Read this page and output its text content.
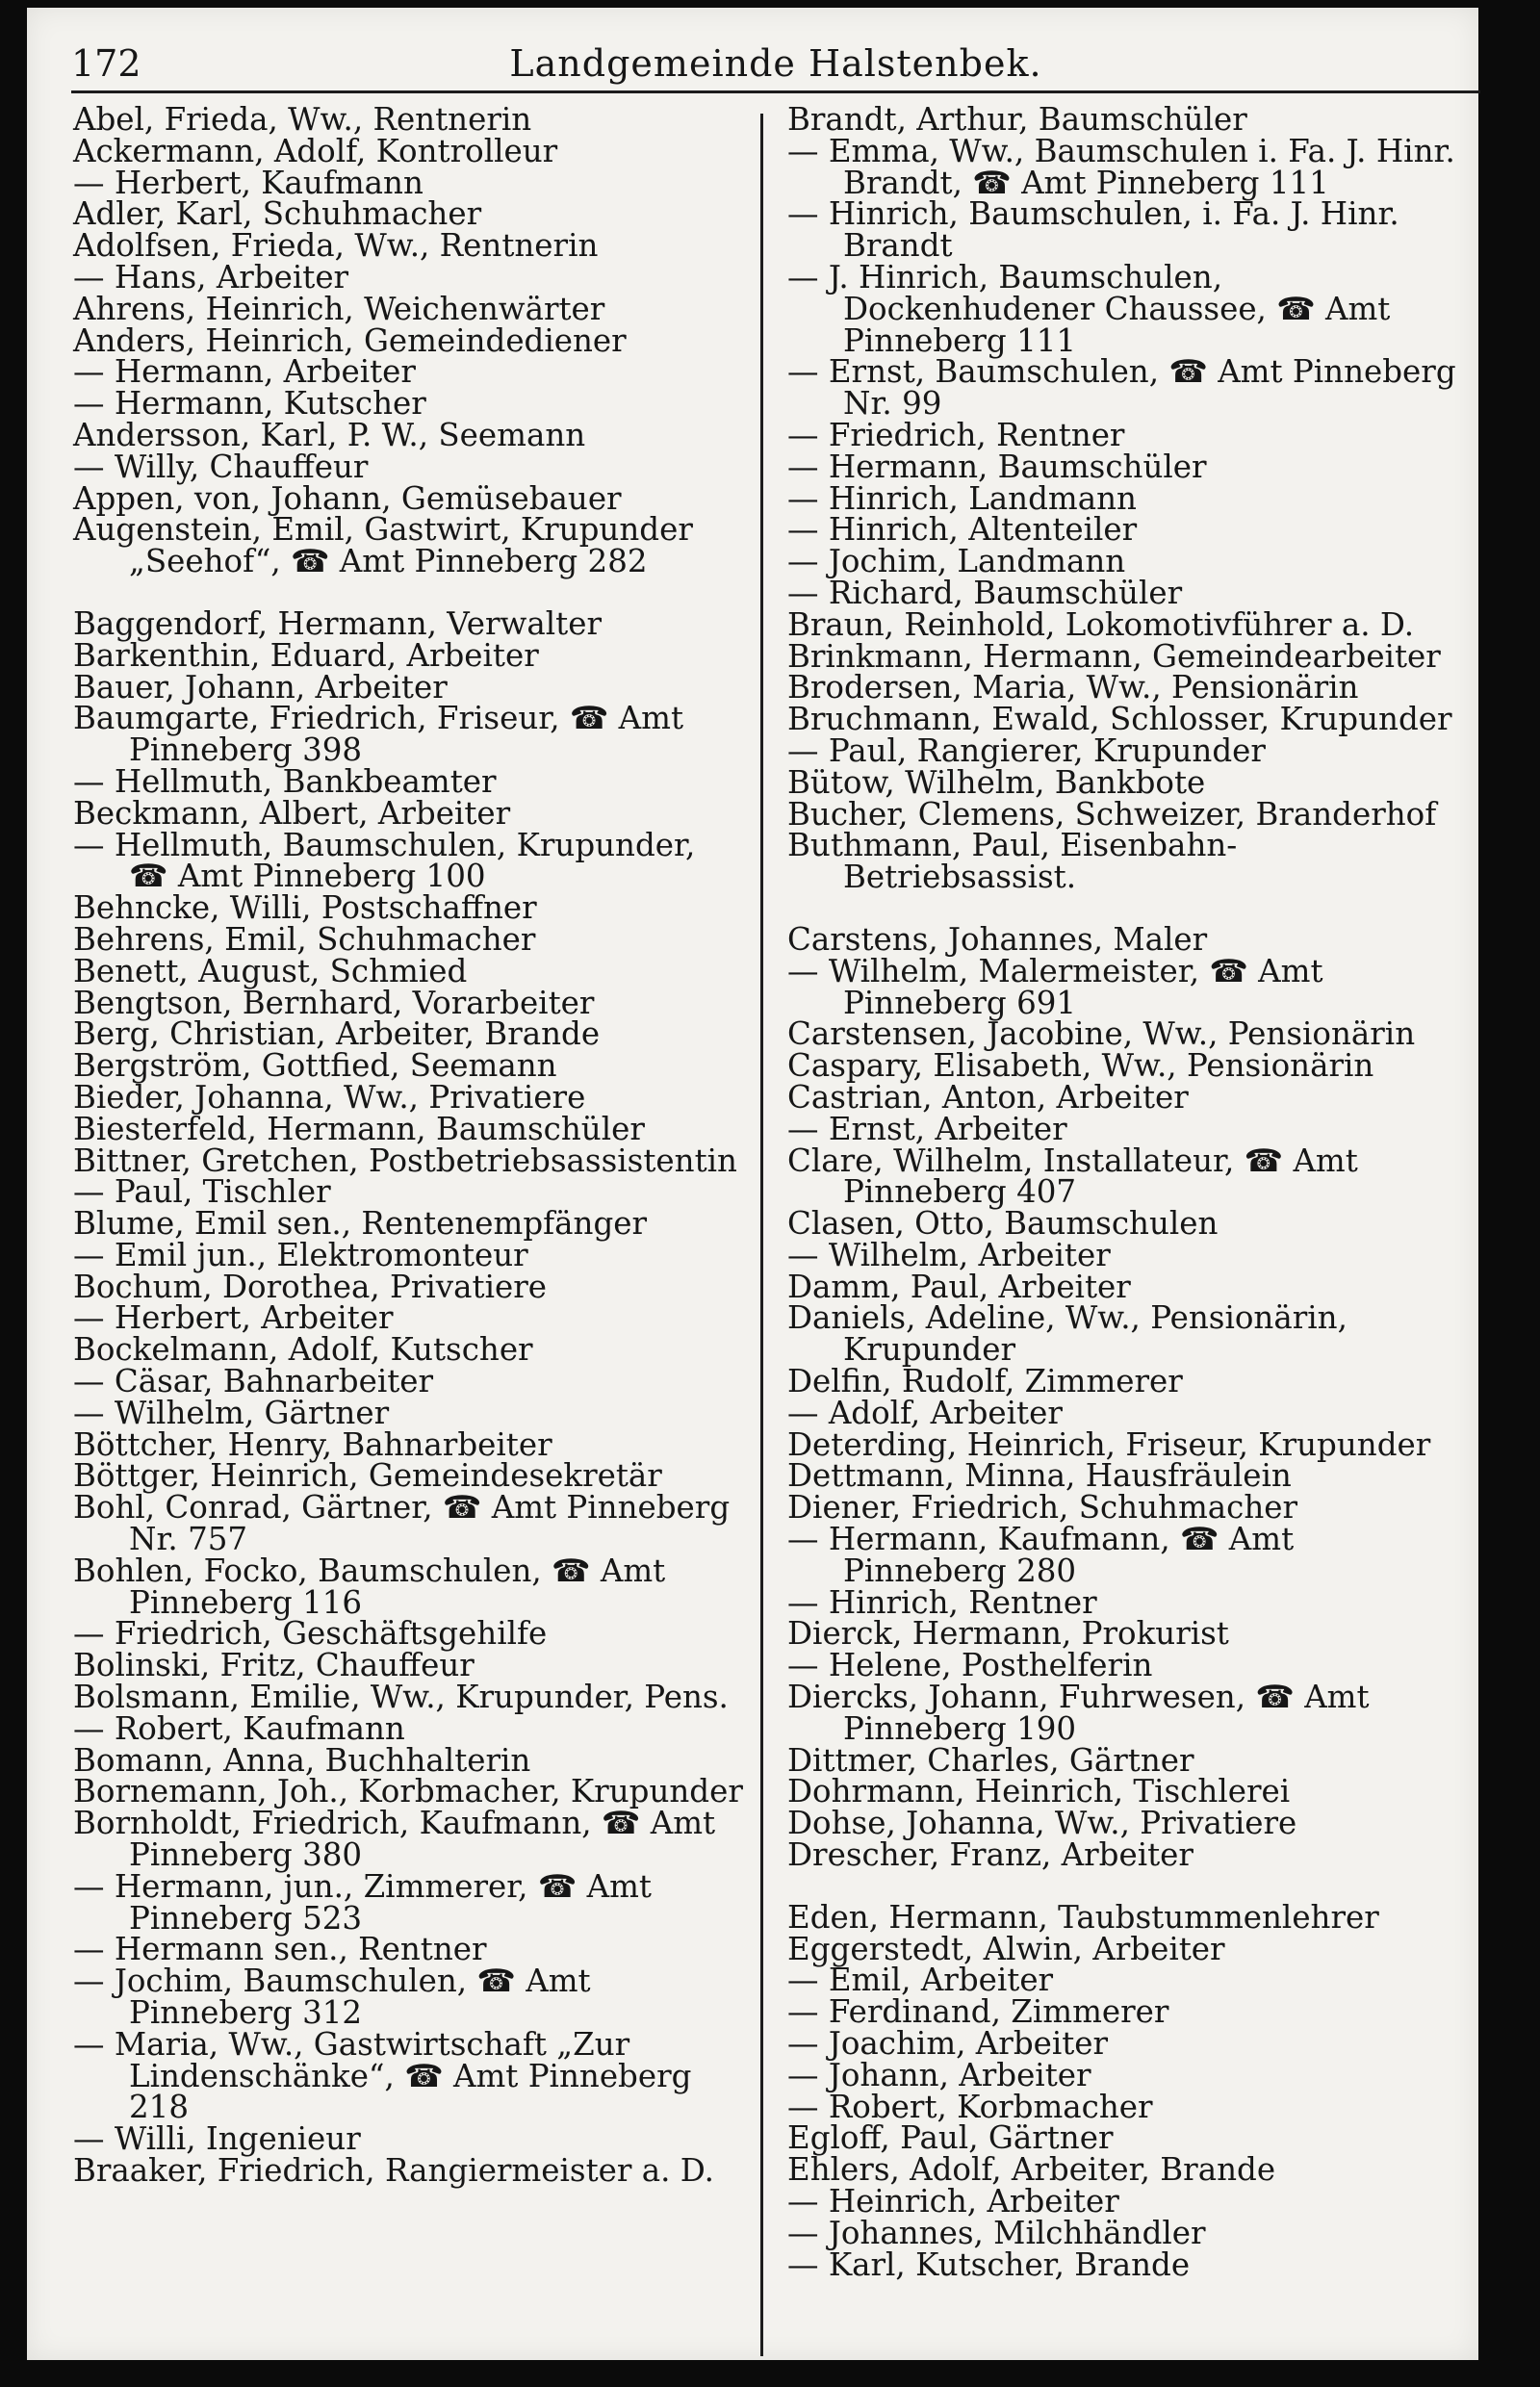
172	Landgemeinde Halstenbek.

Abel, Frieda, Ww., Rentnerin

Ackermann, Adolf, Kontrolleur

— Herbert, Kaufmann

Adler, Karl, Schuhmacher

Adolfsen, Frieda, Ww., Rentnerin

— Hans, Arbeiter

Ahrens, Heinrich, Weichenwärter

Anders, Heinrich, Gemeindediener

— Hermann, Arbeiter

— Hermann, Kutscher

Andersson, Karl, P. W., Seemann

— Willy, Chauffeur

Appen, von, Johann, Gemüsebauer

Augenstein, Emil, Gastwirt, Krupunder „Seehof“, ☎ Amt Pinneberg 282

Baggendorf, Hermann, Verwalter

Barkenthin, Eduard, Arbeiter

Bauer, Johann, Arbeiter

Baumgarte, Friedrich, Friseur, ☎ Amt Pinneberg 398

— Hellmuth, Bankbeamter

Beckmann, Albert, Arbeiter

— Hellmuth, Baumschulen, Krupunder, ☎ Amt Pinneberg 100

Behncke, Willi, Postschaffner

Behrens, Emil, Schuhmacher

Benett, August, Schmied

Bengtson, Bernhard, Vorarbeiter

Berg, Christian, Arbeiter, Brande

Bergström, Gottfied, Seemann

Bieder, Johanna, Ww., Privatiere

Biesterfeld, Hermann, Baumschüler

Bittner, Gretchen, Postbetriebsassistentin

— Paul, Tischler

Blume, Emil sen., Rentenempfänger

— Emil jun., Elektromonteur

Bochum, Dorothea, Privatiere

— Herbert, Arbeiter

Bockelmann, Adolf, Kutscher

— Cäsar, Bahnarbeiter

— Wilhelm, Gärtner

Böttcher, Henry, Bahnarbeiter

Böttger, Heinrich, Gemeindesekretär

Bohl, Conrad, Gärtner, ☎ Amt Pinneberg Nr. 757

Bohlen, Focko, Baumschulen, ☎ Amt Pinneberg 116

— Friedrich, Geschäftsgehilfe

Bolinski, Fritz, Chauffeur

Bolsmann, Emilie, Ww., Krupunder, Pens.

— Robert, Kaufmann

Bomann, Anna, Buchhalterin

Bornemann, Joh., Korbmacher, Krupunder

Bornholdt, Friedrich, Kaufmann, ☎ Amt Pinneberg 380

— Hermann, jun., Zimmerer, ☎ Amt Pinneberg 523

— Hermann sen., Rentner

— Jochim, Baumschulen, ☎ Amt Pinneberg 312

— Maria, Ww., Gastwirtschaft „Zur Lindenschänke“, ☎ Amt Pinneberg 218

— Willi, Ingenieur

Braaker, Friedrich, Rangiermeister a. D.

Brandt, Arthur, Baumschüler

— Emma, Ww., Baumschulen i. Fa. J. Hinr. Brandt, ☎ Amt Pinneberg 111

— Hinrich, Baumschulen, i. Fa. J. Hinr. Brandt

— J. Hinrich, Baumschulen, Dockenhudener Chaussee, ☎ Amt Pinneberg 111

— Ernst, Baumschulen, ☎ Amt Pinneberg Nr. 99

— Friedrich, Rentner

— Hermann, Baumschüler

— Hinrich, Landmann

— Hinrich, Altenteiler

— Jochim, Landmann

— Richard, Baumschüler

Braun, Reinhold, Lokomotivführer a. D.

Brinkmann, Hermann, Gemeindearbeiter

Brodersen, Maria, Ww., Pensionärin

Bruchmann, Ewald, Schlosser, Krupunder

— Paul, Rangierer, Krupunder

Bütow, Wilhelm, Bankbote

Bucher, Clemens, Schweizer, Branderhof

Buthmann, Paul, Eisenbahn-Betriebsassist.

Carstens, Johannes, Maler

— Wilhelm, Malermeister, ☎ Amt Pinneberg 691

Carstensen, Jacobine, Ww., Pensionärin

Caspary, Elisabeth, Ww., Pensionärin

Castrian, Anton, Arbeiter

— Ernst, Arbeiter

Clare, Wilhelm, Installateur, ☎ Amt Pinneberg 407

Clasen, Otto, Baumschulen

— Wilhelm, Arbeiter

Damm, Paul, Arbeiter

Daniels, Adeline, Ww., Pensionärin, Krupunder

Delfin, Rudolf, Zimmerer

— Adolf, Arbeiter

Deterding, Heinrich, Friseur, Krupunder

Dettmann, Minna, Hausfräulein

Diener, Friedrich, Schuhmacher

— Hermann, Kaufmann, ☎ Amt Pinneberg 280

— Hinrich, Rentner

Dierck, Hermann, Prokurist

— Helene, Posthelferin

Diercks, Johann, Fuhrwesen, ☎ Amt Pinneberg 190

Dittmer, Charles, Gärtner

Dohrmann, Heinrich, Tischlerei

Dohse, Johanna, Ww., Privatiere

Drescher, Franz, Arbeiter

Eden, Hermann, Taubstummenlehrer

Eggerstedt, Alwin, Arbeiter

— Emil, Arbeiter

— Ferdinand, Zimmerer

— Joachim, Arbeiter

— Johann, Arbeiter

— Robert, Korbmacher

Egloff, Paul, Gärtner

Ehlers, Adolf, Arbeiter, Brande

— Heinrich, Arbeiter

— Johannes, Milchhändler

— Karl, Kutscher, Brande
